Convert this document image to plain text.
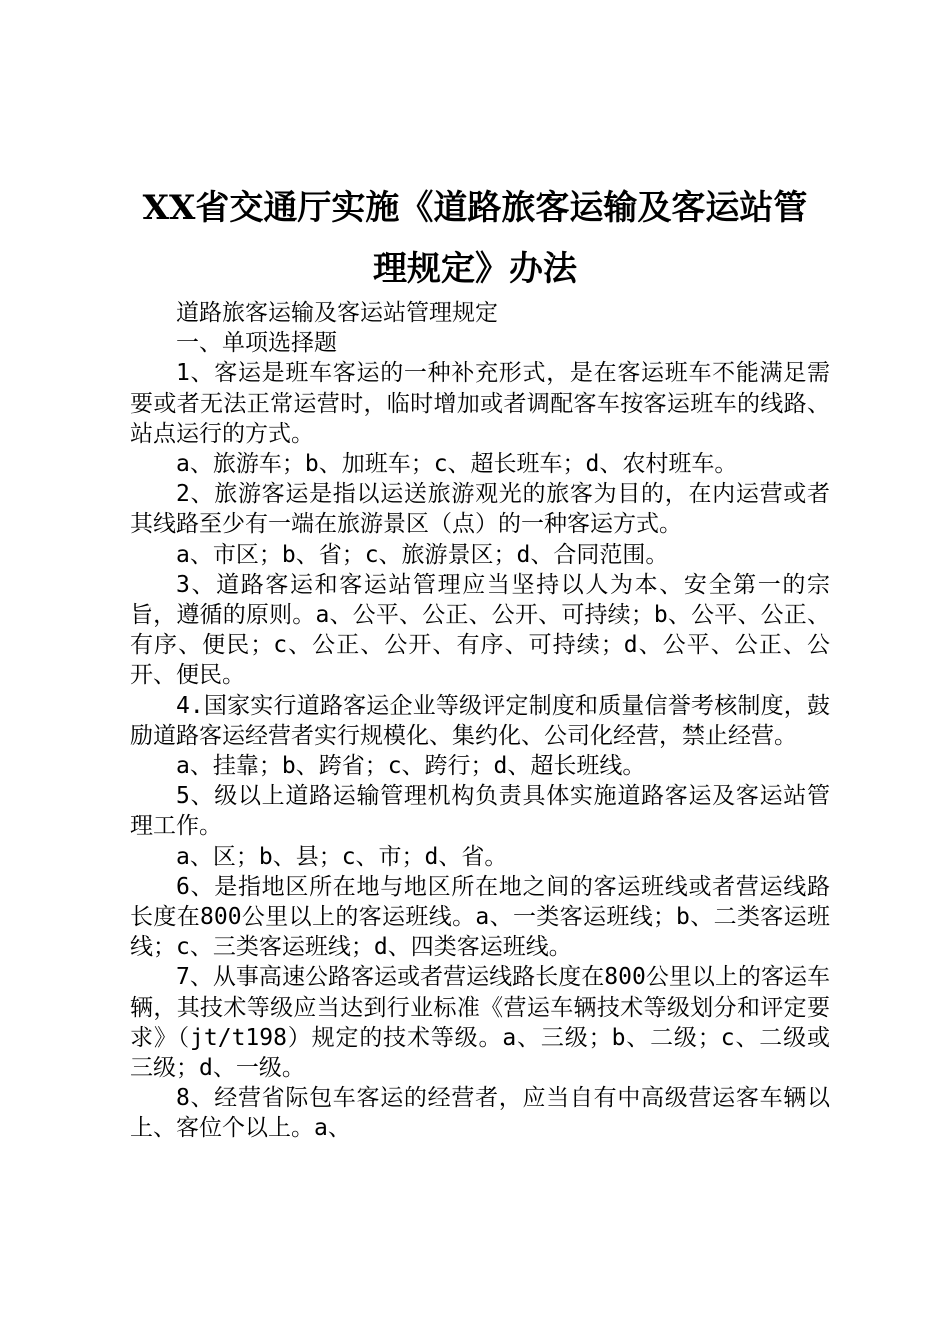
XX省交通厅实施《道路旅客运输及客运站管
理规定》办法

道路旅客运输及客运站管理规定

一、单项选择题

1、客运是班车客运的一种补充形式，是在客运班车不能满足需要或者无法正常运营时，临时增加或者调配客车按客运班车的线路、站点运行的方式。

a、旅游车；b、加班车；c、超长班车；d、农村班车。

2、旅游客运是指以运送旅游观光的旅客为目的，在内运营或者其线路至少有一端在旅游景区（点）的一种客运方式。

a、市区；b、省；c、旅游景区；d、合同范围。

3、道路客运和客运站管理应当坚持以人为本、安全第一的宗旨，遵循的原则。a、公平、公正、公开、可持续；b、公平、公正、有序、便民；c、公正、公开、有序、可持续；d、公平、公正、公开、便民。

4.国家实行道路客运企业等级评定制度和质量信誉考核制度，鼓励道路客运经营者实行规模化、集约化、公司化经营，禁止经营。

a、挂靠；b、跨省；c、跨行；d、超长班线。

5、级以上道路运输管理机构负责具体实施道路客运及客运站管理工作。

a、区；b、县；c、市；d、省。

6、是指地区所在地与地区所在地之间的客运班线或者营运线路长度在800公里以上的客运班线。a、一类客运班线；b、二类客运班线；c、三类客运班线；d、四类客运班线。

7、从事高速公路客运或者营运线路长度在800公里以上的客运车辆，其技术等级应当达到行业标准《营运车辆技术等级划分和评定要求》（jt/t198）规定的技术等级。a、三级；b、二级；c、二级或三级；d、一级。

8、经营省际包车客运的经营者，应当自有中高级营运客车辆以上、客位个以上。a、
